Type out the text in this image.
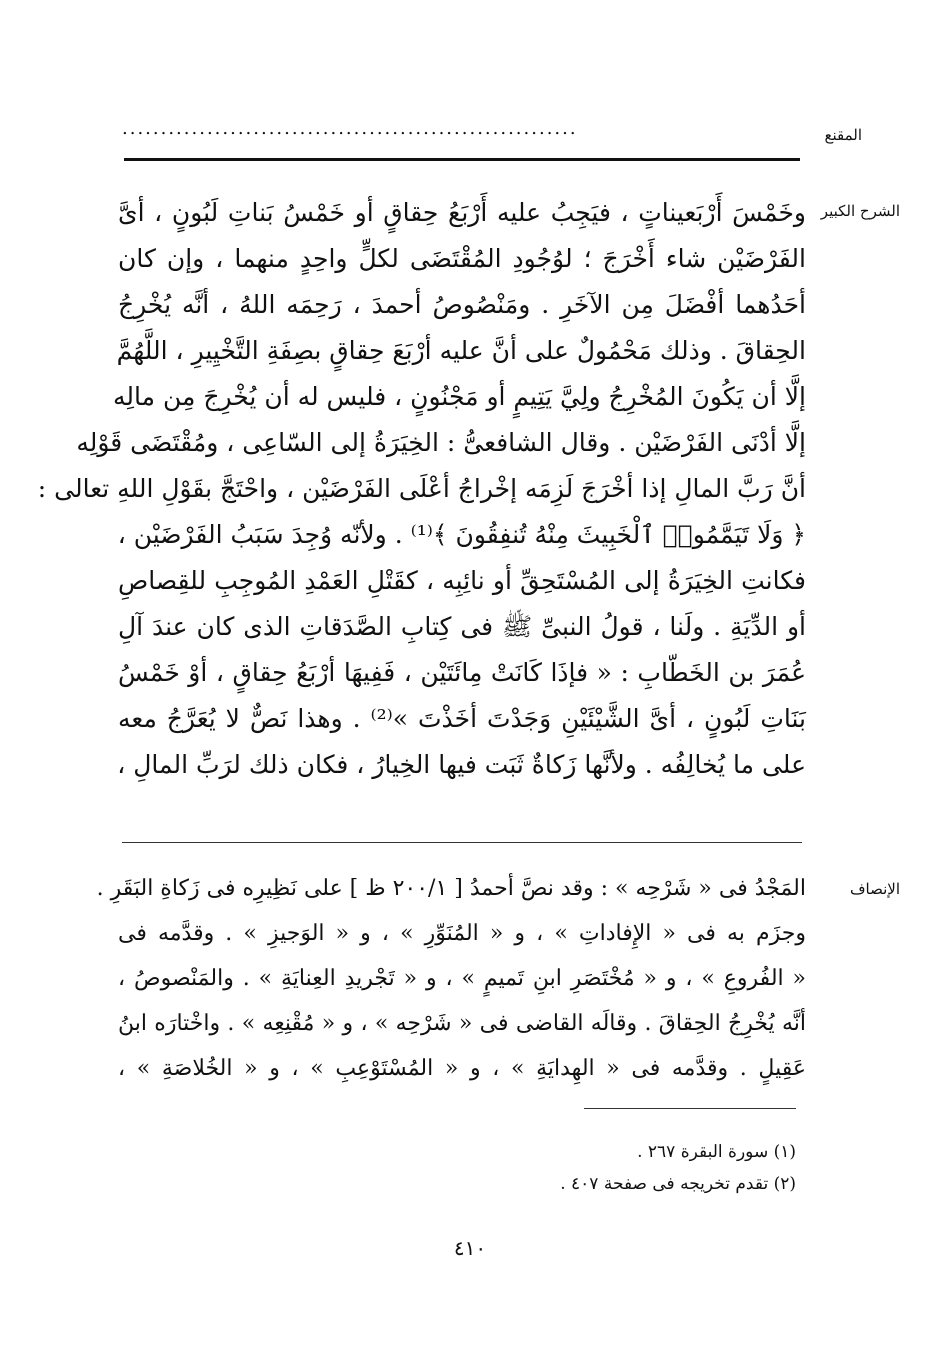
المقنع
...........................................................
الشرح الكبير
وخَمْسَ أَرْبَعيناتٍ ، فيَجِبُ عليه أَرْبَعُ حِقاقٍ أو خَمْسُ بَناتِ لَبُونٍ ، أىَّ
الفَرْضَيْن شاء أَخْرَجَ ؛ لوُجُودِ المُقْتَضَى لكلٍّ واحِدٍ منهما ، وإن كان
أحَدُهما أفْضَلَ مِن الآخَرِ . ومَنْصُوصُ أحمدَ ، رَحِمَه اللهُ ، أنَّه يُخْرِجُ
الحِقاقَ . وذلك مَحْمُولٌ على أنَّ عليه أرْبَعَ حِقاقٍ بصِفَةِ التَّخْيِيرِ ، اللَّهُمَّ
إلَّا أن يَكُونَ المُخْرِجُ ولِيَّ يَتِيمٍ أو مَجْنُونٍ ، فليس له أن يُخْرِجَ مِن مالِه
إلَّا أدْنَى الفَرْضَيْن . وقال الشافعىُّ : الخِيَرَةُ إلى السّاعِى ، ومُقْتَضَى قَوْلِه
أنَّ رَبَّ المالِ إذا أخْرَجَ لَزِمَه إخْراجُ أعْلَى الفَرْضَيْن ، واحْتَجَّ بقَوْلِ اللهِ تعالى :
﴿ وَلَا تَيَمَّمُوا۟ ٱلْخَبِيثَ مِنْهُ تُنفِقُونَ ﴾⁽¹⁾ . ولأنّه وُجِدَ سَبَبُ الفَرْضَيْن ،
فكانتِ الخِيَرَةُ إلى المُسْتَحِقِّ أو نائِبِه ، كقَتْلِ العَمْدِ المُوجِبِ للقِصاصِ
أو الدِّيَةِ . ولَنا ، قولُ النبىِّ ﷺ فى كِتابِ الصَّدَقاتِ الذى كان عندَ آلِ
عُمَرَ بن الخَطّابِ : « فإذَا كَانَتْ مِائَتَيْن ، فَفِيهَا أرْبَعُ حِقاقٍ ، أوْ خَمْسُ
بَنَاتِ لَبُونٍ ، أىَّ الشَّيْئَيْنِ وَجَدْتَ أخَذْتَ »⁽²⁾ . وهذا نَصٌّ لا يُعَرَّجُ معه
على ما يُخالِفُه . ولأنَّها زَكاةٌ ثَبَت فيها الخِيارُ ، فكان ذلك لرَبِّ المالِ ،
الإنصاف
المَجْدُ فى « شَرْحِه » : وقد نصَّ أحمدُ [ ٢٠٠/١ ظ ] على نَظِيرِه فى زَكاةِ البَقَرِ .
وجزَم به فى « الإِفاداتِ » ، و « المُنَوِّرِ » ، و « الوَجيزِ » . وقدَّمه فى
« الفُروعِ » ، و « مُخْتَصَرِ ابنِ تَميمٍ » ، و « تَجْريدِ العِنايَةِ » . والمَنْصوصُ ،
أنَّه يُخْرِجُ الحِقاقَ . وقالَه القاضى فى « شَرْحِه » ، و « مُقْنِعِه » . واخْتارَه ابنُ
عَقِيلٍ . وقدَّمه فى « الهِدايَةِ » ، و « المُسْتَوْعِبِ » ، و « الخُلاصَةِ » ،
(١) سورة البقرة ٢٦٧ .
(٢) تقدم تخريجه فى صفحة ٤٠٧ .
٤١٠
